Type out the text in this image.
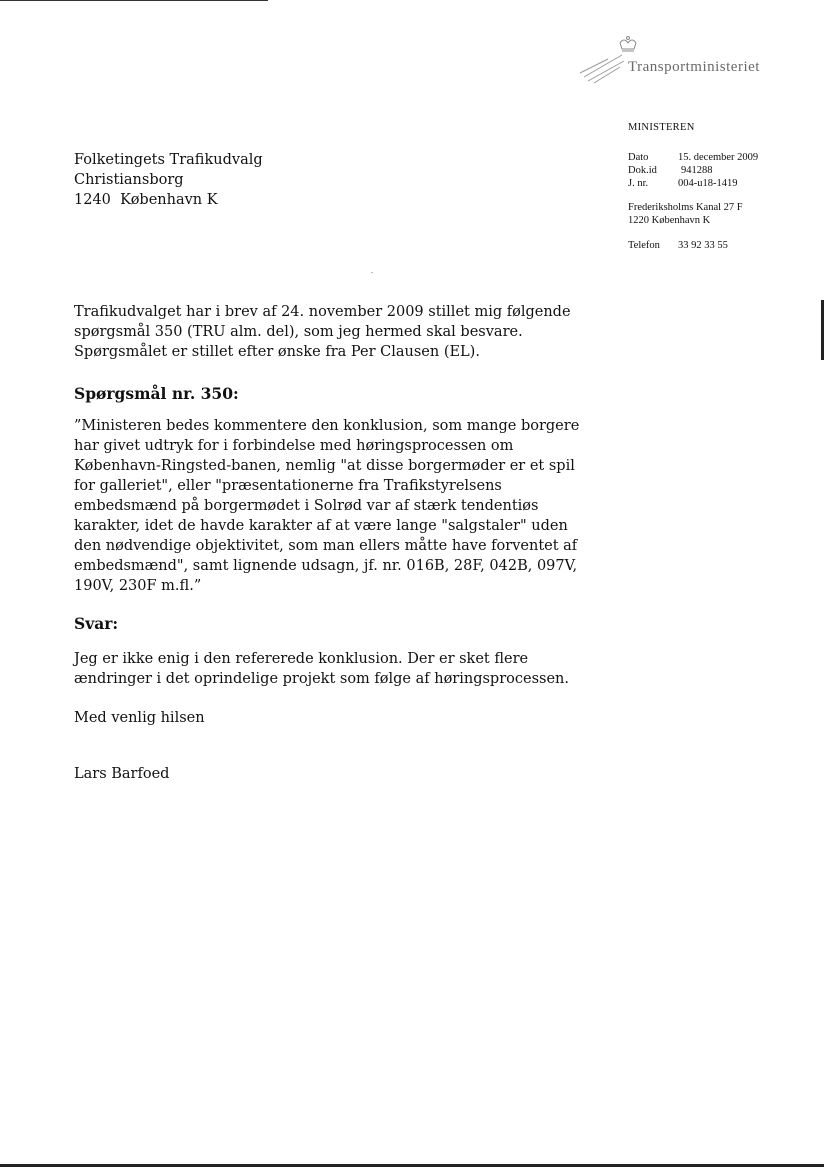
Transportministeriet
MINISTEREN
Dato	15. december 2009
Dok.id	941288
J. nr.	004-u18-1419
Frederiksholms Kanal 27 F
1220 København K
Telefon	33 92 33 55
Folketingets Trafikudvalg
Christiansborg
1240  København K

Trafikudvalget har i brev af 24. november 2009 stillet mig følgende spørgsmål 350 (TRU alm. del), som jeg hermed skal besvare. Spørgsmålet er stillet efter ønske fra Per Clausen (EL).

Spørgsmål nr. 350:

”Ministeren bedes kommentere den konklusion, som mange borgere har givet udtryk for i forbindelse med høringsprocessen om København-Ringsted-banen, nemlig "at disse borgermøder er et spil for galleriet", eller "præsentationerne fra Trafikstyrelsens embedsmænd på borgermødet i Solrød var af stærk tendentiøs karakter, idet de havde karakter af at være lange "salgstaler" uden den nødvendige objektivitet, som man ellers måtte have forventet af embedsmænd", samt lignende udsagn, jf. nr. 016B, 28F, 042B, 097V, 190V, 230F m.fl.”

Svar:

Jeg er ikke enig i den refererede konklusion. Der er sket flere ændringer i det oprindelige projekt som følge af høringsprocessen.

Med venlig hilsen

Lars Barfoed
